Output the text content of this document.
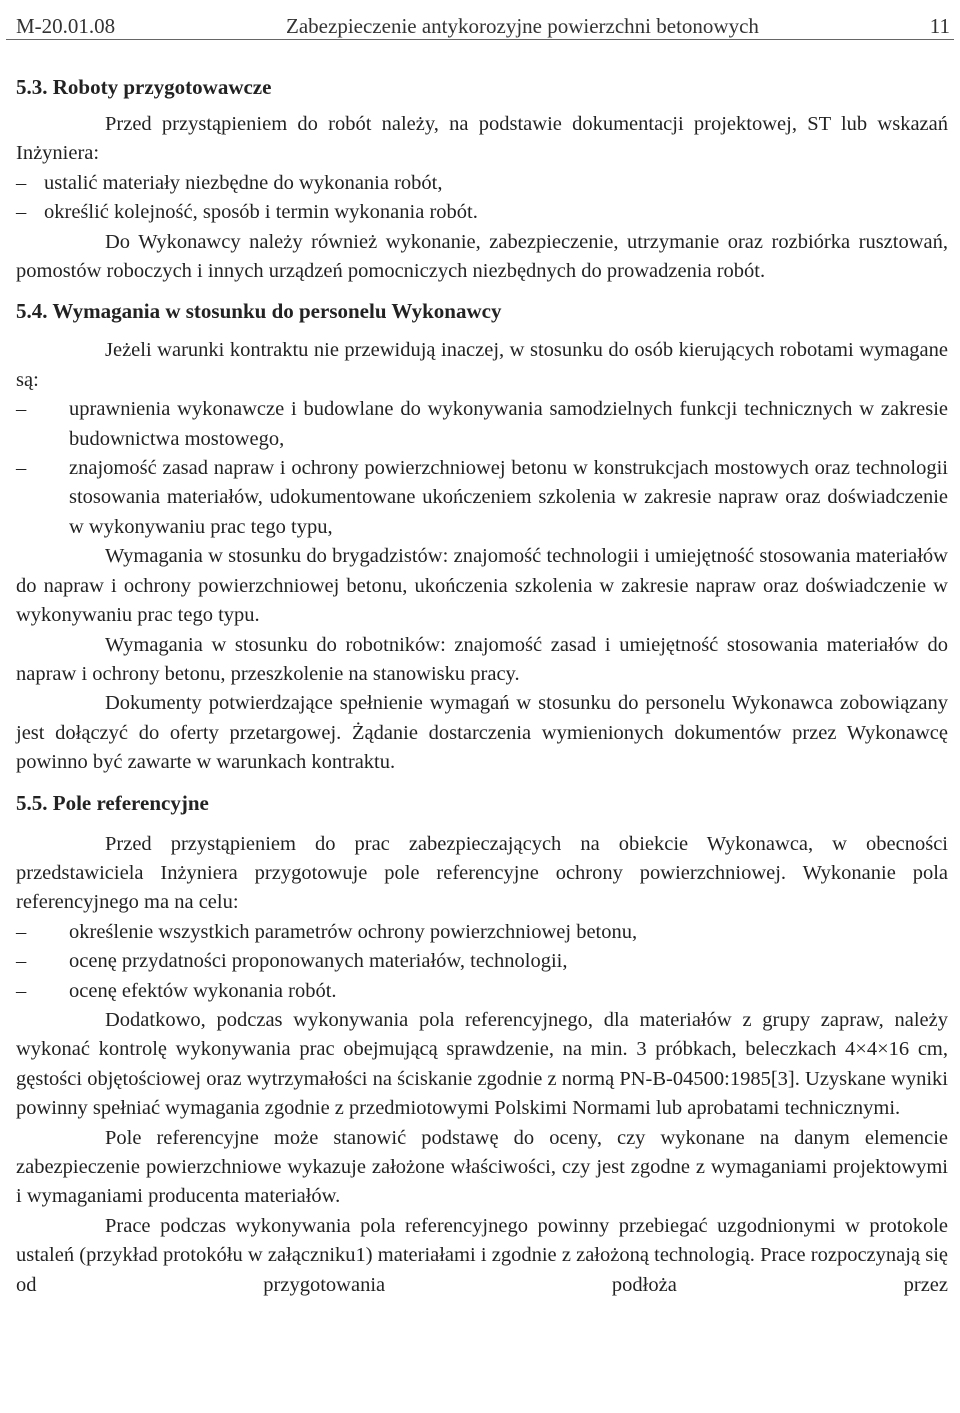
M-20.01.08	Zabezpieczenie antykorozyjne powierzchni betonowych	11
5.3. Roboty przygotowawcze

Przed przystąpieniem do robót należy, na podstawie dokumentacji projektowej, ST lub wskazań Inżyniera:

– ustalić materiały niezbędne do wykonania robót,
– określić kolejność, sposób i termin wykonania robót.

Do Wykonawcy należy również wykonanie, zabezpieczenie, utrzymanie oraz rozbiórka rusztowań, pomostów roboczych i innych urządzeń pomocniczych niezbędnych do prowadzenia robót.

5.4. Wymagania w stosunku do personelu Wykonawcy

Jeżeli warunki kontraktu nie przewidują inaczej, w stosunku do osób kierujących robotami wymagane są:

–	uprawnienia wykonawcze i budowlane do wykonywania samodzielnych funkcji technicznych w zakresie budownictwa mostowego,
–	znajomość zasad napraw i ochrony powierzchniowej betonu w konstrukcjach mostowych oraz technologii stosowania materiałów, udokumentowane ukończeniem szkolenia w zakresie napraw oraz doświadczenie w wykonywaniu prac tego typu,

Wymagania w stosunku do brygadzistów: znajomość technologii i umiejętność stosowania materiałów do napraw i ochrony powierzchniowej betonu, ukończenia szkolenia w zakresie napraw oraz doświadczenie w wykonywaniu prac tego typu.

Wymagania w stosunku do robotników: znajomość zasad i umiejętność stosowania materiałów do napraw i ochrony betonu, przeszkolenie na stanowisku pracy.

Dokumenty potwierdzające spełnienie wymagań w stosunku do personelu Wykonawca zobowiązany jest dołączyć do oferty przetargowej. Żądanie dostarczenia wymienionych dokumentów przez Wykonawcę powinno być zawarte w warunkach kontraktu.

5.5. Pole referencyjne

Przed przystąpieniem do prac zabezpieczających na obiekcie Wykonawca, w obecności przedstawiciela Inżyniera przygotowuje pole referencyjne ochrony powierzchniowej. Wykonanie pola referencyjnego ma na celu:

–	określenie wszystkich parametrów ochrony powierzchniowej betonu,
–	ocenę przydatności proponowanych materiałów, technologii,
–	ocenę efektów wykonania robót.

Dodatkowo, podczas wykonywania pola referencyjnego, dla materiałów z grupy zapraw, należy wykonać kontrolę wykonywania prac obejmującą sprawdzenie, na min. 3 próbkach, beleczkach 4×4×16 cm, gęstości objętościowej oraz wytrzymałości na ściskanie zgodnie z normą PN-B-04500:1985[3]. Uzyskane wyniki powinny spełniać wymagania zgodnie z przedmiotowymi Polskimi Normami lub aprobatami technicznymi.

Pole referencyjne może stanowić podstawę do oceny, czy wykonane na danym elemencie zabezpieczenie powierzchniowe wykazuje założone właściwości, czy jest zgodne z wymaganiami projektowymi i wymaganiami producenta materiałów.

Prace podczas wykonywania pola referencyjnego powinny przebiegać uzgodnionymi w protokole ustaleń (przykład protokółu w załączniku1) materiałami i zgodnie z założoną technologią. Prace rozpoczynają się od przygotowania podłoża przez
